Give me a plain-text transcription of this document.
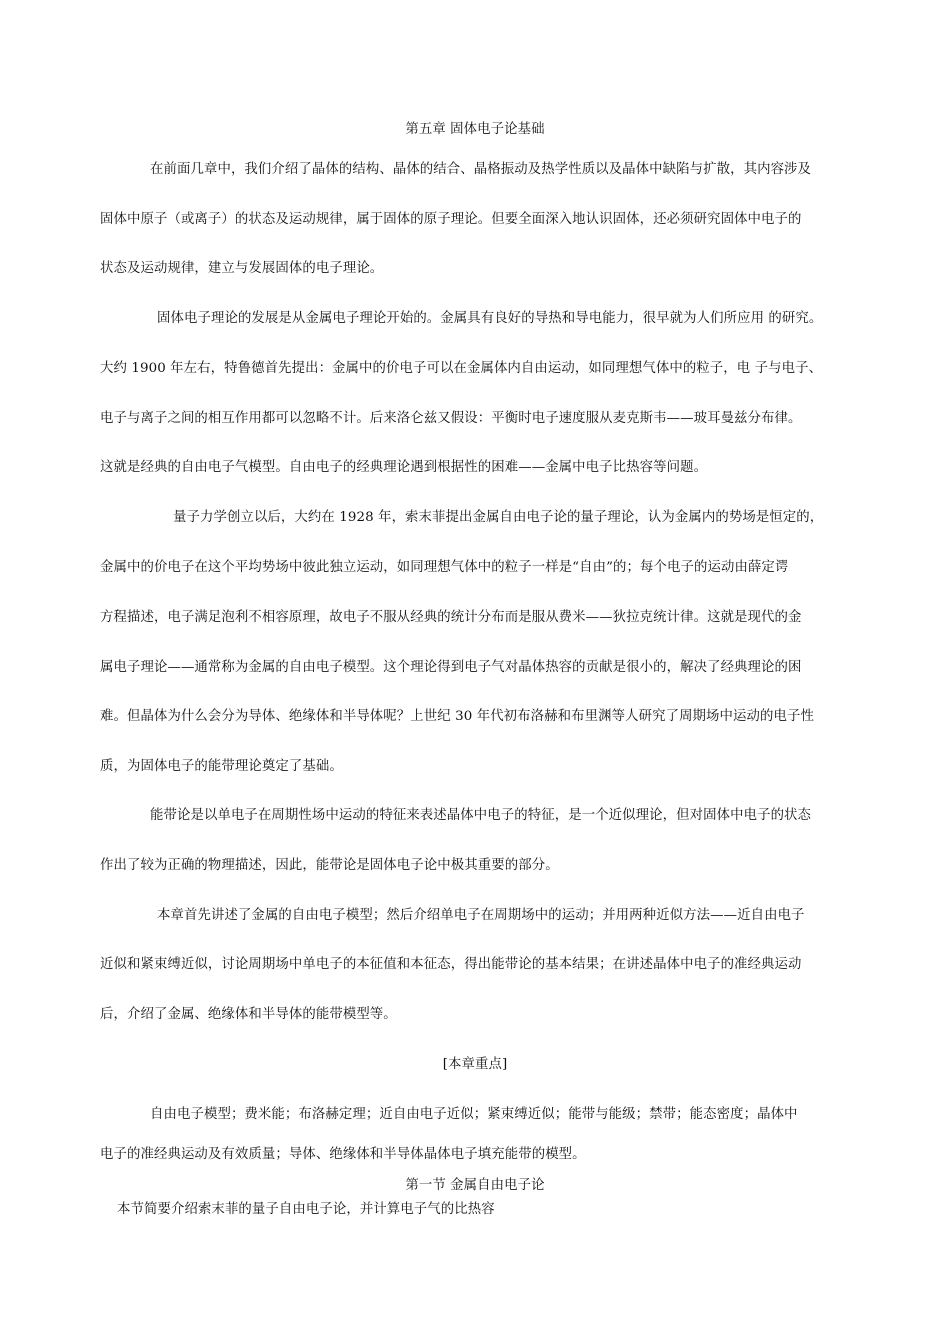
第五章 固体电子论基础
在前面几章中，我们介绍了晶体的结构、晶体的结合、晶格振动及热学性质以及晶体中缺陷与扩散，其内容涉及
固体中原子（或离子）的状态及运动规律，属于固体的原子理论。但要全面深入地认识固体，还必须研究固体中电子的
状态及运动规律，建立与发展固体的电子理论。
固体电子理论的发展是从金属电子理论开始的。金属具有良好的导热和导电能力，很早就为人们所应用 的研究。
大约 1900 年左右，特鲁德首先提出：金属中的价电子可以在金属体内自由运动，如同理想气体中的粒子，电 子与电子、
电子与离子之间的相互作用都可以忽略不计。后来洛仑兹又假设：平衡时电子速度服从麦克斯韦——玻耳曼兹分布律。
这就是经典的自由电子气模型。自由电子的经典理论遇到根据性的困难——金属中电子比热容等问题。
量子力学创立以后，大约在 1928 年，索末菲提出金属自由电子论的量子理论，认为金属内的势场是恒定的，
金属中的价电子在这个平均势场中彼此独立运动，如同理想气体中的粒子一样是“自由”的；每个电子的运动由薛定谔
方程描述，电子满足泡利不相容原理，故电子不服从经典的统计分布而是服从费米——狄拉克统计律。这就是现代的金
属电子理论——通常称为金属的自由电子模型。这个理论得到电子气对晶体热容的贡献是很小的，解决了经典理论的困
难。但晶体为什么会分为导体、绝缘体和半导体呢？上世纪 30 年代初布洛赫和布里渊等人研究了周期场中运动的电子性
质，为固体电子的能带理论奠定了基础。
能带论是以单电子在周期性场中运动的特征来表述晶体中电子的特征，是一个近似理论，但对固体中电子的状态
作出了较为正确的物理描述，因此，能带论是固体电子论中极其重要的部分。
本章首先讲述了金属的自由电子模型；然后介绍单电子在周期场中的运动；并用两种近似方法——近自由电子
近似和紧束缚近似，讨论周期场中单电子的本征值和本征态，得出能带论的基本结果；在讲述晶体中电子的准经典运动
后，介绍了金属、绝缘体和半导体的能带模型等。
[本章重点]
自由电子模型；费米能；布洛赫定理；近自由电子近似；紧束缚近似；能带与能级；禁带；能态密度；晶体中
电子的准经典运动及有效质量；导体、绝缘体和半导体晶体电子填充能带的模型。
第一节 金属自由电子论
本节简要介绍索末菲的量子自由电子论，并计算电子气的比热容
